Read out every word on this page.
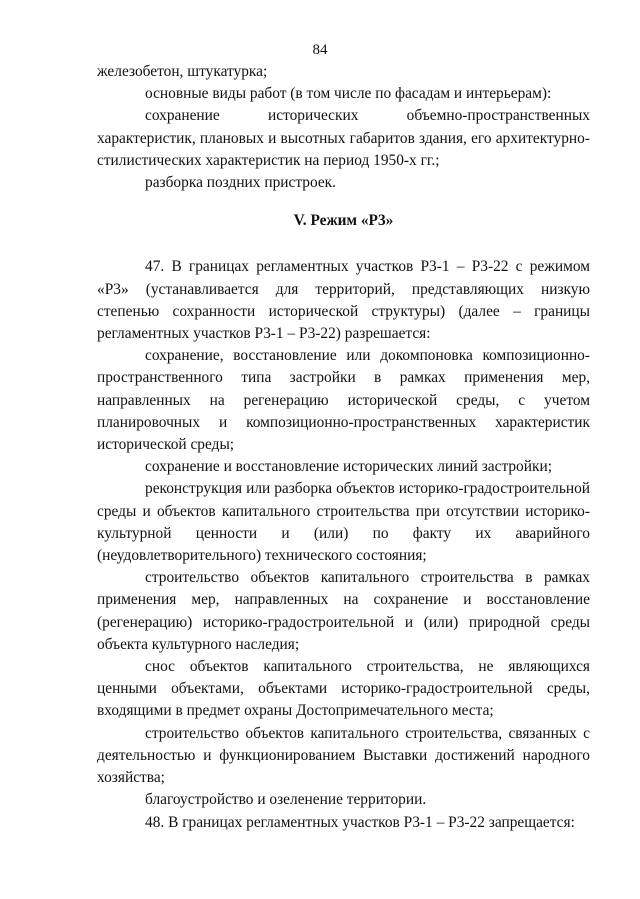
84

железобетон, штукатурка;

основные виды работ (в том числе по фасадам и интерьерам):

сохранение исторических объемно-пространственных характеристик, плановых и высотных габаритов здания, его архитектурно-стилистических характеристик на период 1950-х гг.;

разборка поздних пристроек.

V. Режим «Р3»

47. В границах регламентных участков Р3-1 – Р3-22 с режимом «Р3» (устанавливается для территорий, представляющих низкую степенью сохранности исторической структуры) (далее – границы регламентных участков Р3-1 – Р3-22) разрешается:

сохранение, восстановление или докомпоновка композиционно-пространственного типа застройки в рамках применения мер, направленных на регенерацию исторической среды, с учетом планировочных и композиционно-пространственных характеристик исторической среды;

сохранение и восстановление исторических линий застройки;

реконструкция или разборка объектов историко-градостроительной среды и объектов капитального строительства при отсутствии историко-культурной ценности и (или) по факту их аварийного (неудовлетворительного) технического состояния;

строительство объектов капитального строительства в рамках применения мер, направленных на сохранение и восстановление (регенерацию) историко-градостроительной и (или) природной среды объекта культурного наследия;

снос объектов капитального строительства, не являющихся ценными объектами, объектами историко-градостроительной среды, входящими в предмет охраны Достопримечательного места;

строительство объектов капитального строительства, связанных с деятельностью и функционированием Выставки достижений народного хозяйства;

благоустройство и озеленение территории.

48. В границах регламентных участков Р3-1 – Р3-22 запрещается:
